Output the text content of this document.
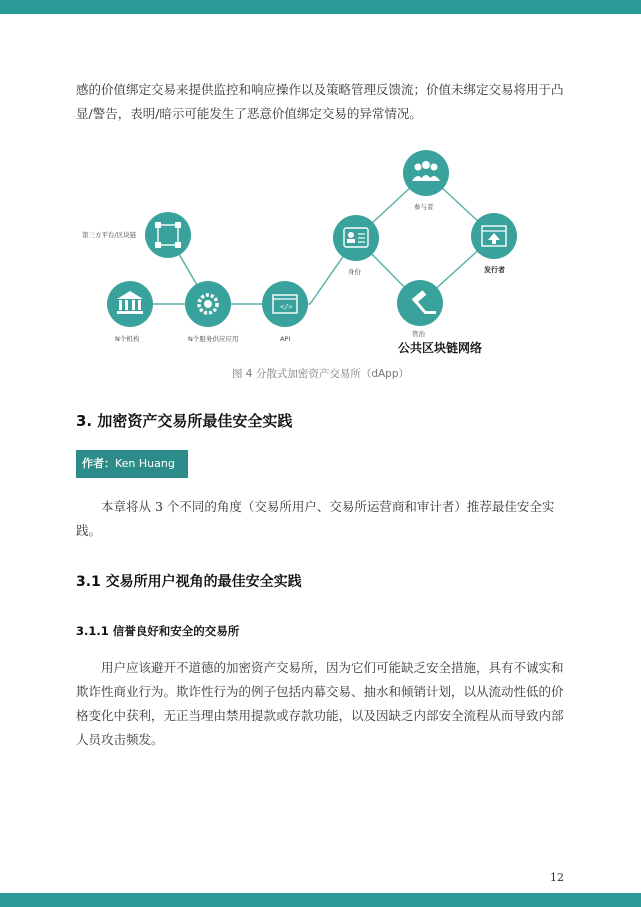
感的价值绑定交易来提供监控和响应操作以及策略管理反馈流；价值未绑定交易将用于凸显/警告，表明/暗示可能发生了恶意价值绑定交易的异常情况。

第三方平台/区块链
N个机构	N个服务供应应用
</>
API
身份
参与者
发行者
管治
公共区块链网络
图 4 分散式加密资产交易所（dApp）
3. 加密资产交易所最佳安全实践
作者：Ken Huang

本章将从 3 个不同的角度（交易所用户、交易所运营商和审计者）推荐最佳安全实践。

3.1 交易所用户视角的最佳安全实践
3.1.1 信誉良好和安全的交易所

用户应该避开不道德的加密资产交易所，因为它们可能缺乏安全措施，具有不诚实和欺诈性商业行为。欺诈性行为的例子包括内幕交易、抽水和倾销计划，以从流动性低的价格变化中获利，无正当理由禁用提款或存款功能，以及因缺乏内部安全流程从而导致内部人员攻击频发。

12
